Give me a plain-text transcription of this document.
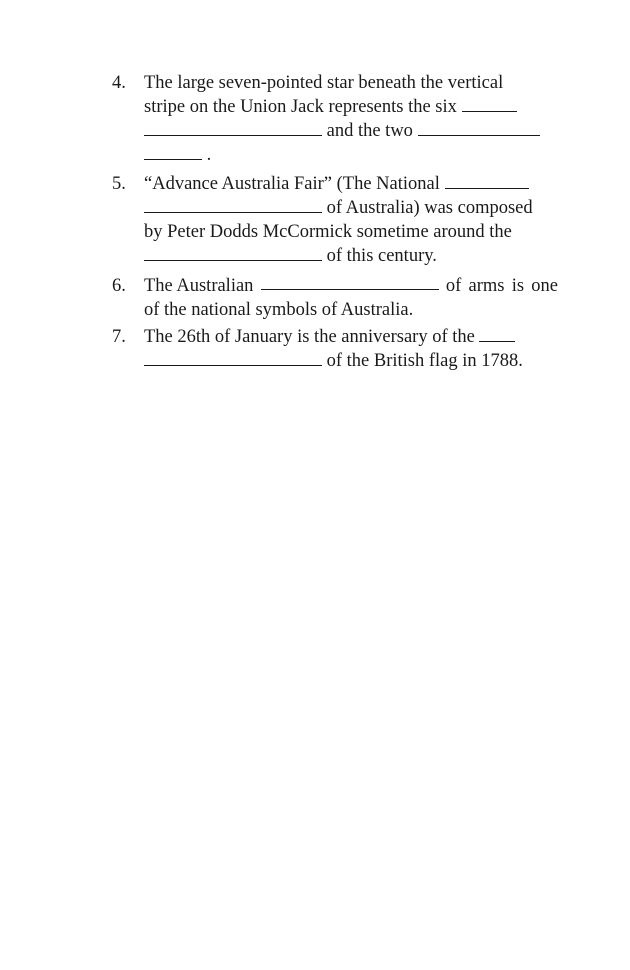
4. The large seven-pointed star beneath the vertical
stripe on the Union Jack represents the six
and the two
.
5. “Advance Australia Fair” (The National
of Australia) was composed
by Peter Dodds McCormick sometime around the
of this century.
6. The Australian	of arms is one
of the national symbols of Australia.
7. The 26th of January is the anniversary of the
of the British flag in 1788.
